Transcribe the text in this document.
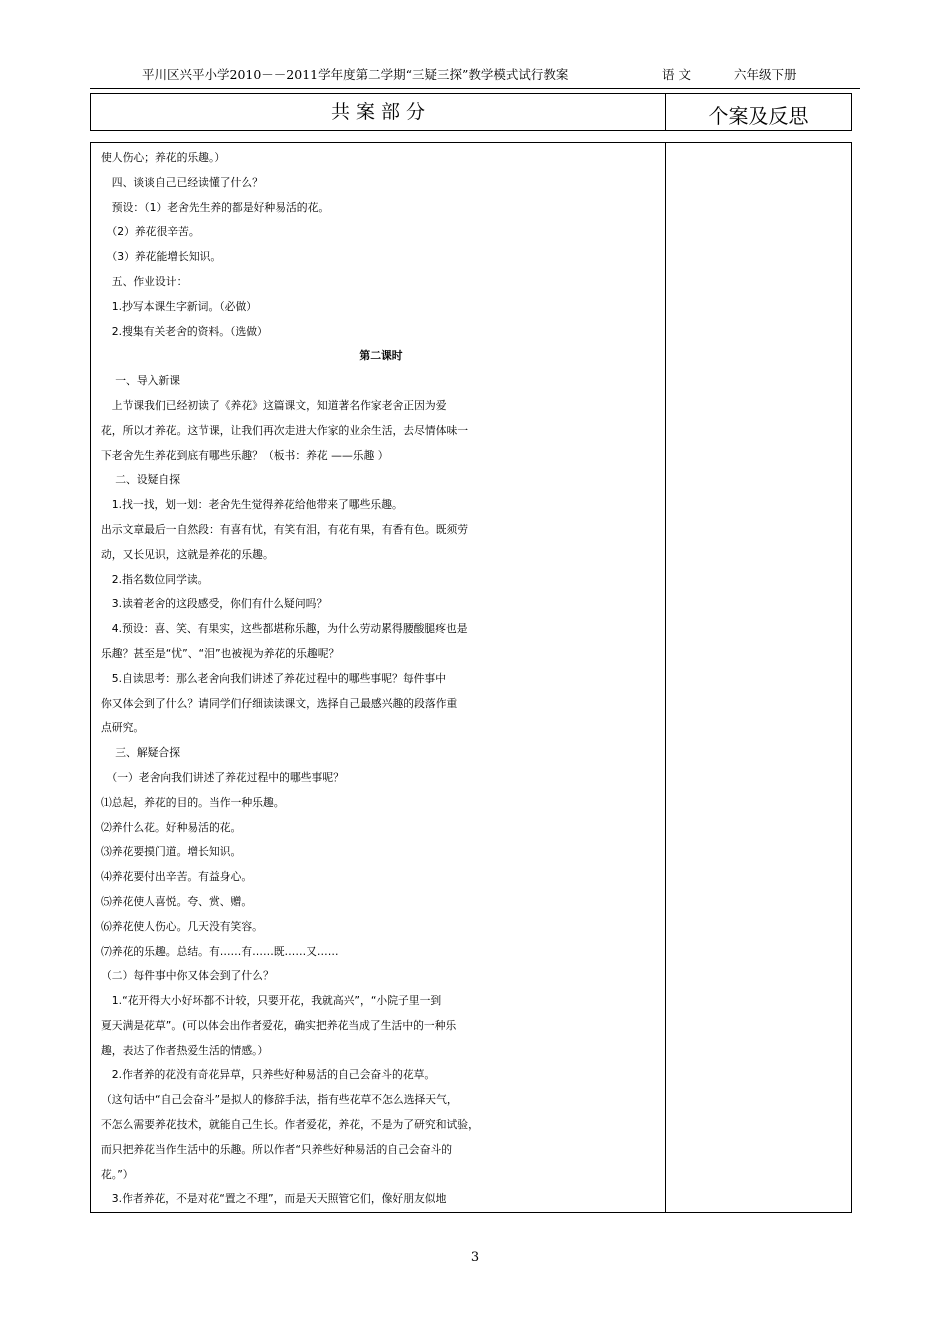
平川区兴平小学2010－－2011学年度第二学期“三疑三探”教学模式试行教案	语 文	六年级下册
共 案 部 分	个案及反思

使人伤心；养花的乐趣。）

　四、谈谈自己已经读懂了什么？

　预设：（1）老舍先生养的都是好种易活的花。

　（2）养花很辛苦。

　（3）养花能增长知识。

　五、作业设计：

　1.抄写本课生字新词。（必做）

　2.搜集有关老舍的资料。（选做）

第二课时

　 一、导入新课

　上节课我们已经初读了《养花》这篇课文，知道著名作家老舍正因为爱

花，所以才养花。这节课，让我们再次走进大作家的业余生活，去尽情体味一

下老舍先生养花到底有哪些乐趣？（板书：养花 ——乐趣 ）

　 二、设疑自探

　1.找一找，划一划：老舍先生觉得养花给他带来了哪些乐趣。

出示文章最后一自然段：有喜有忧，有笑有泪，有花有果，有香有色。既须劳

动，又长见识，这就是养花的乐趣。

　2.指名数位同学读。

　3.读着老舍的这段感受，你们有什么疑问吗？

　4.预设：喜、笑、有果实，这些都堪称乐趣，为什么劳动累得腰酸腿疼也是

乐趣？甚至是“忧”、“泪”也被视为养花的乐趣呢？

　5.自读思考：那么老舍向我们讲述了养花过程中的哪些事呢？每件事中

你又体会到了什么？请同学们仔细读读课文，选择自己最感兴趣的段落作重

点研究。

　 三、解疑合探

　（一）老舍向我们讲述了养花过程中的哪些事呢？

⑴总起，养花的目的。当作一种乐趣。

⑵养什么花。好种易活的花。

⑶养花要摸门道。增长知识。

⑷养花要付出辛苦。有益身心。

⑸养花使人喜悦。夸、赏、赠。

⑹养花使人伤心。几天没有笑容。

⑺养花的乐趣。总结。有……有……既……又……

（二）每件事中你又体会到了什么？

　1.“花开得大小好坏都不计较，只要开花，我就高兴”，“小院子里一到

夏天满是花草”。(可以体会出作者爱花，确实把养花当成了生活中的一种乐

趣，表达了作者热爱生活的情感。）

　2.作者养的花没有奇花异草，只养些好种易活的自己会奋斗的花草。

（这句话中“自己会奋斗”是拟人的修辞手法，指有些花草不怎么选择天气，

不怎么需要养花技术，就能自己生长。作者爱花，养花，不是为了研究和试验，

而只把养花当作生活中的乐趣。所以作者“只养些好种易活的自己会奋斗的

花。”）

　3.作者养花，不是对花“置之不理”，而是天天照管它们，像好朋友似地

3
